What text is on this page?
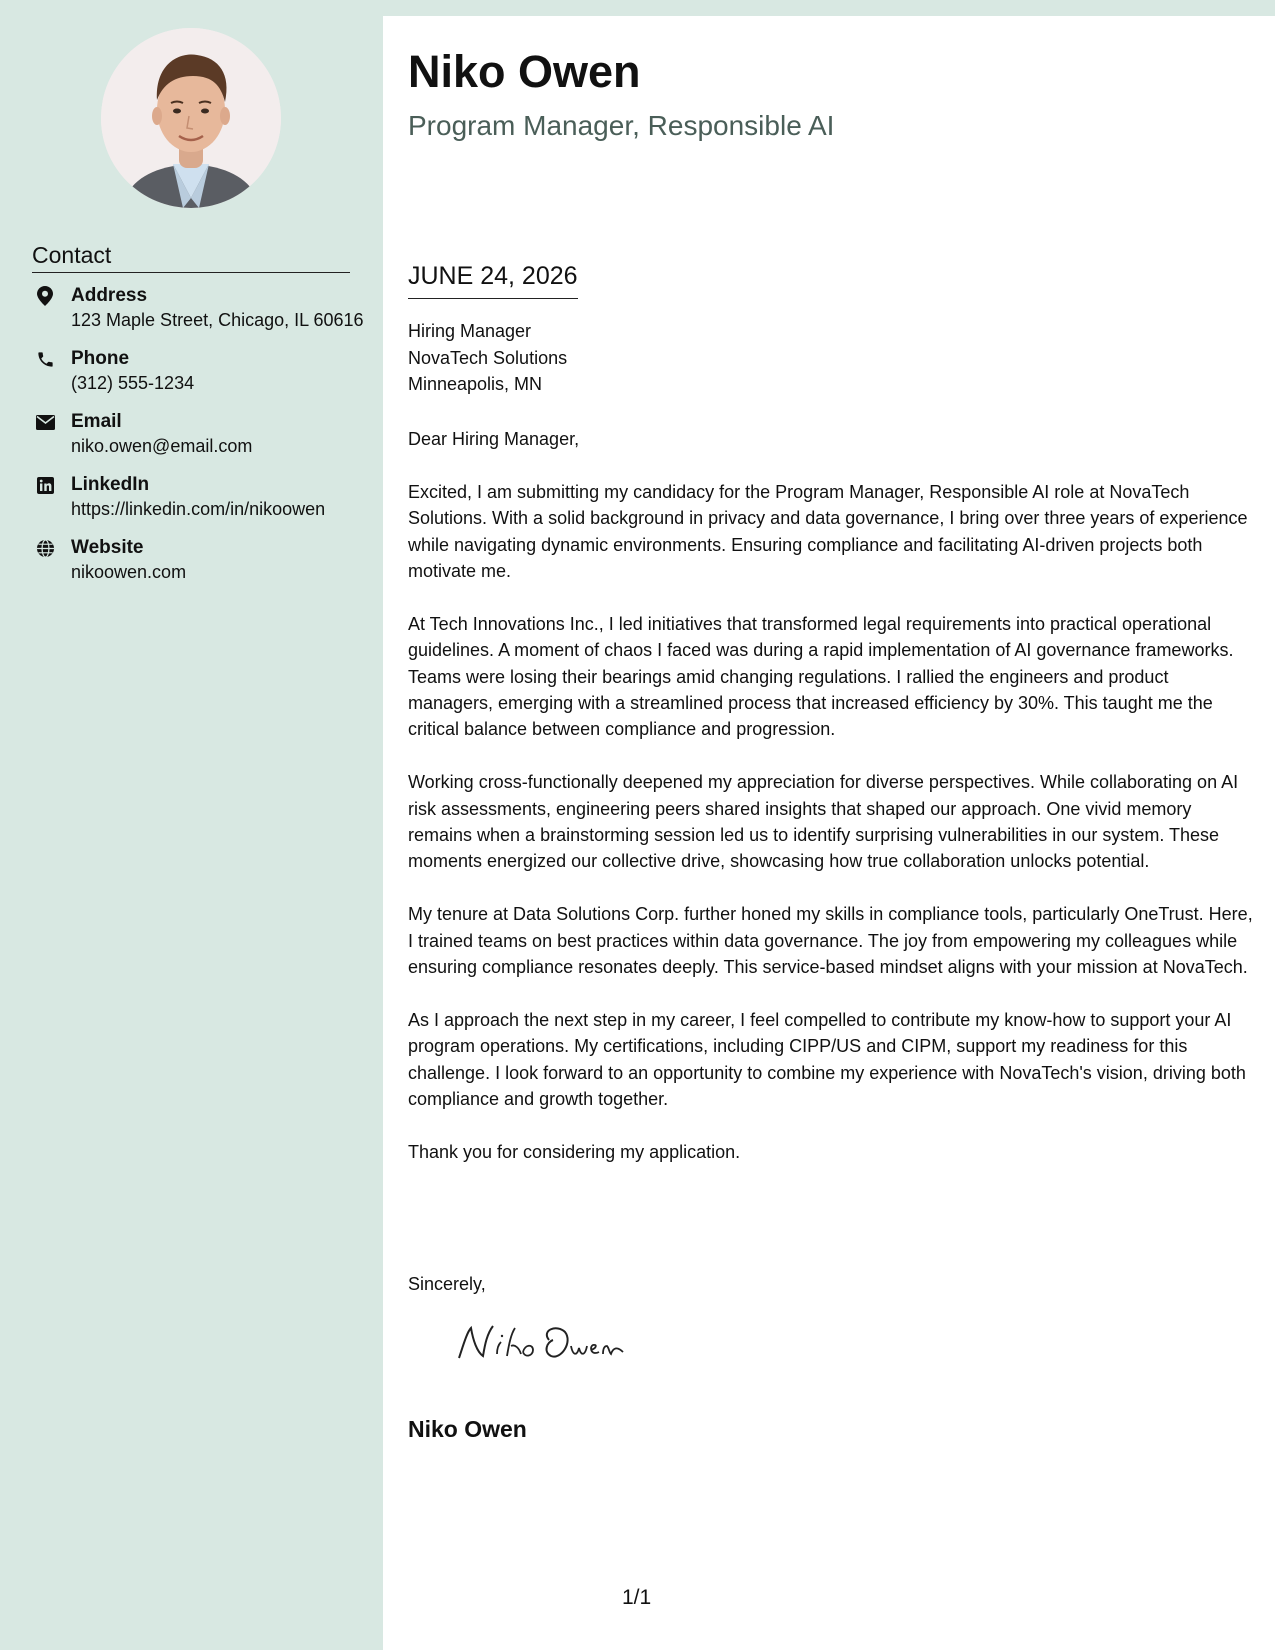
Contact
Address
123 Maple Street, Chicago, IL 60616
Phone
(312) 555-1234
Email
niko.owen@email.com
LinkedIn
https://linkedin.com/in/nikoowen
Website
nikoowen.com
Niko Owen
Program Manager, Responsible AI
JUNE 24, 2026
Hiring Manager
NovaTech Solutions
Minneapolis, MN

Dear Hiring Manager,

Excited, I am submitting my candidacy for the Program Manager, Responsible AI role at NovaTech Solutions. With a solid background in privacy and data governance, I bring over three years of experience while navigating dynamic environments. Ensuring compliance and facilitating AI-driven projects both motivate me.

At Tech Innovations Inc., I led initiatives that transformed legal requirements into practical operational guidelines. A moment of chaos I faced was during a rapid implementation of AI governance frameworks. Teams were losing their bearings amid changing regulations. I rallied the engineers and product managers, emerging with a streamlined process that increased efficiency by 30%. This taught me the critical balance between compliance and progression.

Working cross-functionally deepened my appreciation for diverse perspectives. While collaborating on AI risk assessments, engineering peers shared insights that shaped our approach. One vivid memory remains when a brainstorming session led us to identify surprising vulnerabilities in our system. These moments energized our collective drive, showcasing how true collaboration unlocks potential.

My tenure at Data Solutions Corp. further honed my skills in compliance tools, particularly OneTrust. Here, I trained teams on best practices within data governance. The joy from empowering my colleagues while ensuring compliance resonates deeply. This service-based mindset aligns with your mission at NovaTech.

As I approach the next step in my career, I feel compelled to contribute my know-how to support your AI program operations. My certifications, including CIPP/US and CIPM, support my readiness for this challenge. I look forward to an opportunity to combine my experience with NovaTech's vision, driving both compliance and growth together.

Thank you for considering my application.

Sincerely,
Niko Owen
1/1
